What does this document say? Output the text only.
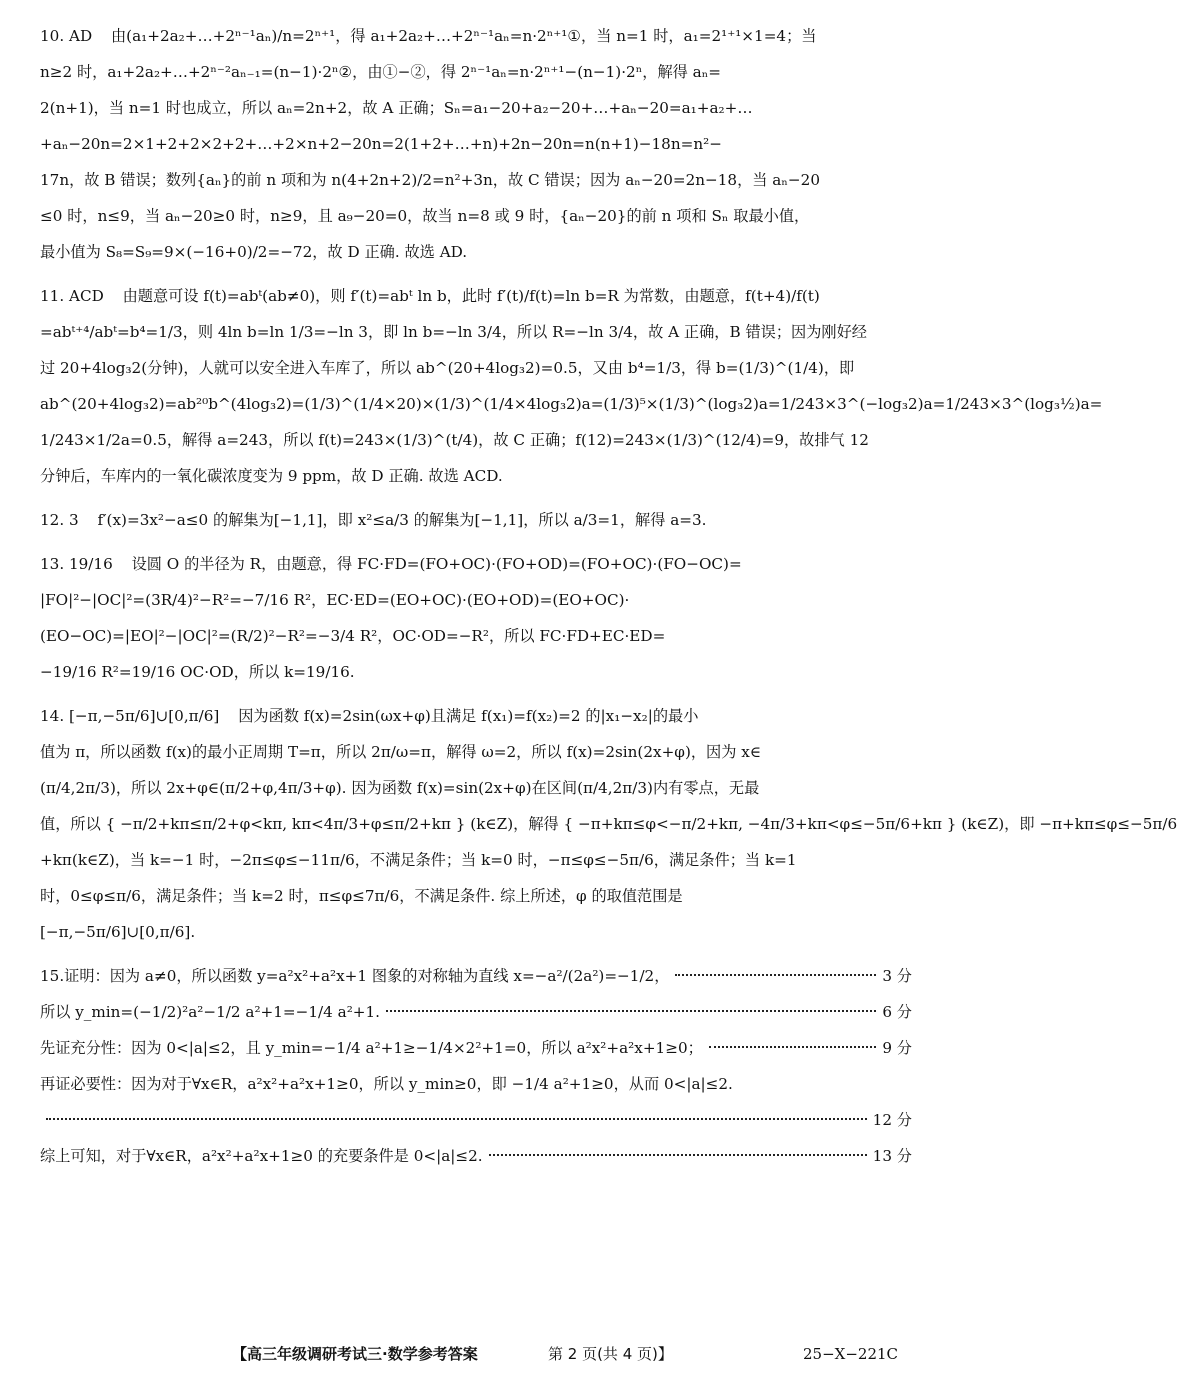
10. AD 由(a₁+2a₂+…+2ⁿ⁻¹aₙ)/n=2ⁿ⁺¹，得 a₁+2a₂+…+2ⁿ⁻¹aₙ=n·2ⁿ⁺¹①，当 n=1 时，a₁=2¹⁺¹×1=4；当
n≥2 时，a₁+2a₂+…+2ⁿ⁻²aₙ₋₁=(n−1)·2ⁿ②，由①−②，得 2ⁿ⁻¹aₙ=n·2ⁿ⁺¹−(n−1)·2ⁿ，解得 aₙ=
2(n+1)，当 n=1 时也成立，所以 aₙ=2n+2，故 A 正确；Sₙ=a₁−20+a₂−20+…+aₙ−20=a₁+a₂+…
+aₙ−20n=2×1+2+2×2+2+…+2×n+2−20n=2(1+2+…+n)+2n−20n=n(n+1)−18n=n²−
17n，故 B 错误；数列{aₙ}的前 n 项和为 n(4+2n+2)/2=n²+3n，故 C 错误；因为 aₙ−20=2n−18，当 aₙ−20
≤0 时，n≤9，当 aₙ−20≥0 时，n≥9，且 a₉−20=0，故当 n=8 或 9 时，{aₙ−20}的前 n 项和 Sₙ 取最小值，
最小值为 S₈=S₉=9×(−16+0)/2=−72，故 D 正确. 故选 AD.
11. ACD 由题意可设 f(t)=abᵗ(ab≠0)，则 f′(t)=abᵗ ln b，此时 f′(t)/f(t)=ln b=R 为常数，由题意，f(t+4)/f(t)
=abᵗ⁺⁴/abᵗ=b⁴=1/3，则 4ln b=ln 1/3=−ln 3，即 ln b=−ln 3/4，所以 R=−ln 3/4，故 A 正确，B 错误；因为刚好经
过 20+4log₃2(分钟)，人就可以安全进入车库了，所以 ab^(20+4log₃2)=0.5，又由 b⁴=1/3，得 b=(1/3)^(1/4)，即
ab^(20+4log₃2)=ab²⁰b^(4log₃2)=(1/3)^(1/4×20)×(1/3)^(1/4×4log₃2)a=(1/3)⁵×(1/3)^(log₃2)a=1/243×3^(−log₃2)a=1/243×3^(log₃½)a=
1/243×1/2a=0.5，解得 a=243，所以 f(t)=243×(1/3)^(t/4)，故 C 正确；f(12)=243×(1/3)^(12/4)=9，故排气 12
分钟后，车库内的一氧化碳浓度变为 9 ppm，故 D 正确. 故选 ACD.
12. 3 f′(x)=3x²−a≤0 的解集为[−1,1]，即 x²≤a/3 的解集为[−1,1]，所以 a/3=1，解得 a=3.
13. 19/16 设圆 O 的半径为 R，由题意，得 FC·FD=(FO+OC)·(FO+OD)=(FO+OC)·(FO−OC)=
|FO|²−|OC|²=(3R/4)²−R²=−7/16 R²，EC·ED=(EO+OC)·(EO+OD)=(EO+OC)·
(EO−OC)=|EO|²−|OC|²=(R/2)²−R²=−3/4 R²，OC·OD=−R²，所以 FC·FD+EC·ED=
−19/16 R²=19/16 OC·OD，所以 k=19/16.
14. [−π,−5π/6]∪[0,π/6] 因为函数 f(x)=2sin(ωx+φ)且满足 f(x₁)=f(x₂)=2 的|x₁−x₂|的最小
值为 π，所以函数 f(x)的最小正周期 T=π，所以 2π/ω=π，解得 ω=2，所以 f(x)=2sin(2x+φ)，因为 x∈
(π/4,2π/3)，所以 2x+φ∈(π/2+φ,4π/3+φ). 因为函数 f(x)=sin(2x+φ)在区间(π/4,2π/3)内有零点，无最
值，所以 { −π/2+kπ≤π/2+φ<kπ, kπ<4π/3+φ≤π/2+kπ } (k∈Z)，解得 { −π+kπ≤φ<−π/2+kπ, −4π/3+kπ<φ≤−5π/6+kπ } (k∈Z)，即 −π+kπ≤φ≤−5π/6
+kπ(k∈Z)，当 k=−1 时，−2π≤φ≤−11π/6，不满足条件；当 k=0 时，−π≤φ≤−5π/6，满足条件；当 k=1
时，0≤φ≤π/6，满足条件；当 k=2 时，π≤φ≤7π/6，不满足条件. 综上所述，φ 的取值范围是
[−π,−5π/6]∪[0,π/6].
15. 证明：因为 a≠0，所以函数 y=a²x²+a²x+1 图象的对称轴为直线 x=−a²/(2a²)=−1/2，	3 分
所以 y_min=(−1/2)²a²−1/2 a²+1=−1/4 a²+1.	6 分
先证充分性：因为 0<|a|≤2，且 y_min=−1/4 a²+1≥−1/4×2²+1=0，所以 a²x²+a²x+1≥0；	9 分
再证必要性：因为对于∀x∈R，a²x²+a²x+1≥0，所以 y_min≥0，即 −1/4 a²+1≥0，从而 0<|a|≤2.
12 分
综上可知，对于∀x∈R，a²x²+a²x+1≥0 的充要条件是 0<|a|≤2.	13 分
【高三年级调研考试三·数学参考答案	第 2 页(共 4 页)】	25−X−221C
